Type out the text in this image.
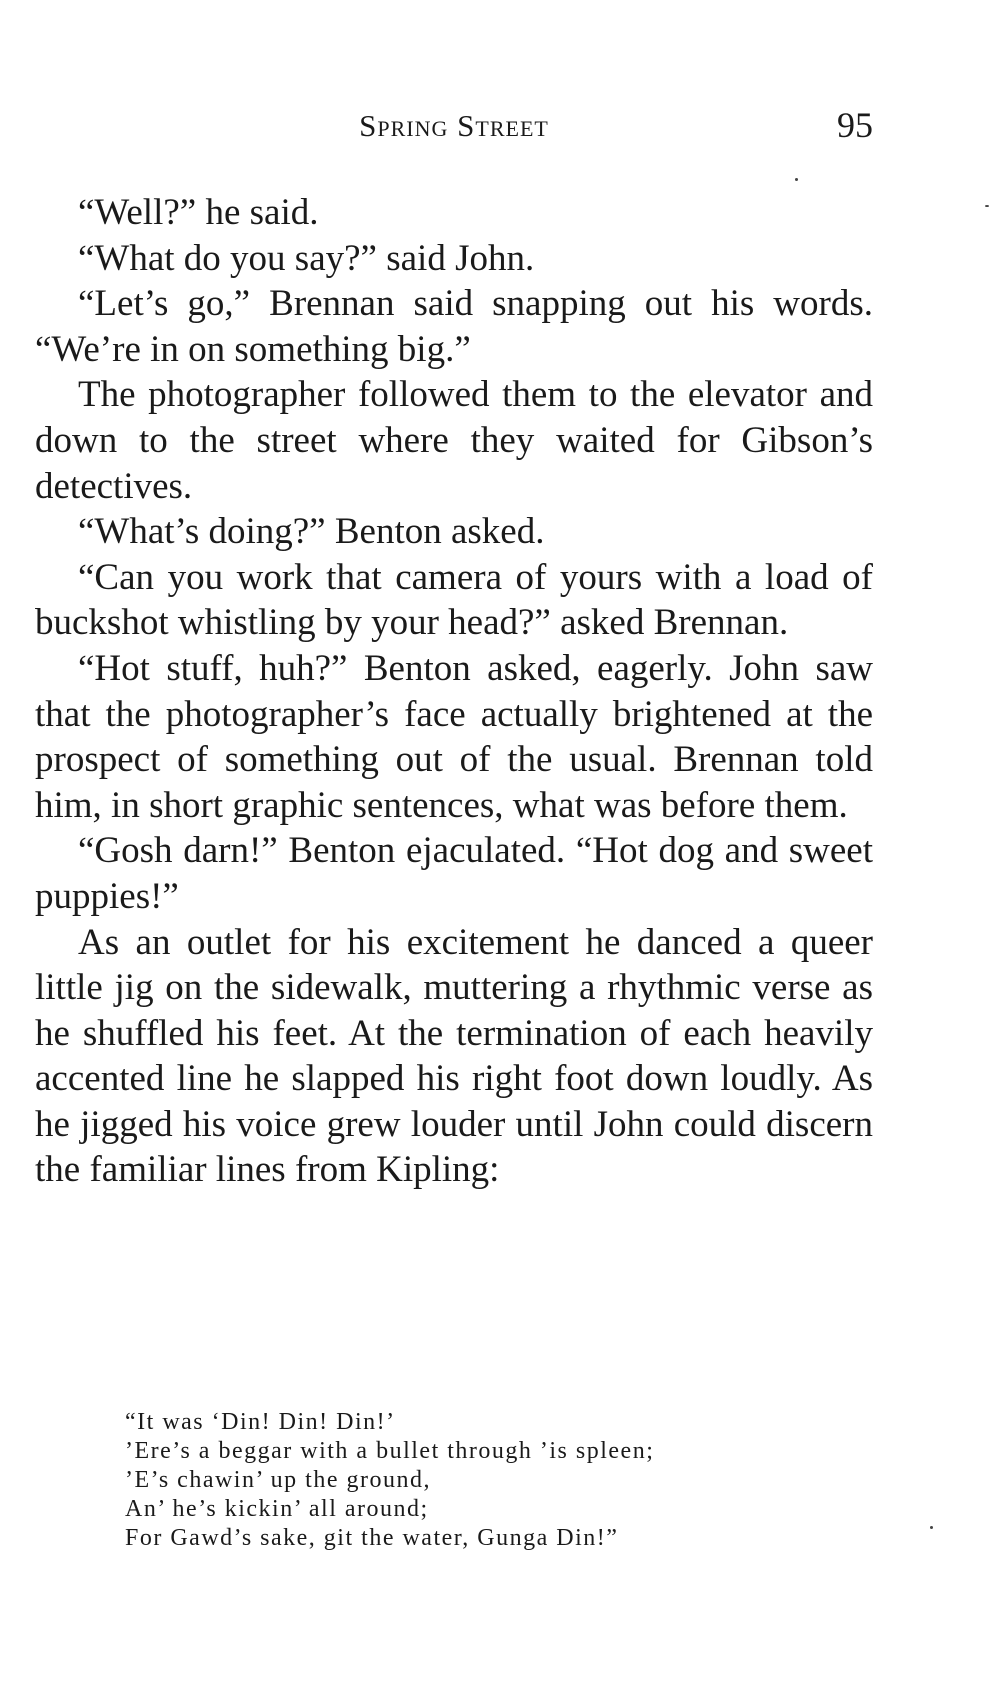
Spring Street	95

“Well?” he said.

“What do you say?” said John.

“Let’s go,” Brennan said snapping out his words. “We’re in on something big.”

The photographer followed them to the elevator and down to the street where they waited for Gibson’s detectives.

“What’s doing?” Benton asked.

“Can you work that camera of yours with a load of buckshot whistling by your head?” asked Brennan.

“Hot stuff, huh?” Benton asked, eagerly. John saw that the photographer’s face actually brightened at the prospect of something out of the usual. Brennan told him, in short graphic sentences, what was before them.

“Gosh darn!” Benton ejaculated. “Hot dog and sweet puppies!”

As an outlet for his excitement he danced a queer little jig on the sidewalk, muttering a rhythmic verse as he shuffled his feet. At the termination of each heavily accented line he slapped his right foot down loudly. As he jigged his voice grew louder until John could discern the familiar lines from Kipling:

“It was ‘Din! Din! Din!’
’Ere’s a beggar with a bullet through ’is spleen;
’E’s chawin’ up the ground,
An’ he’s kickin’ all around;
For Gawd’s sake, git the water, Gunga Din!”
